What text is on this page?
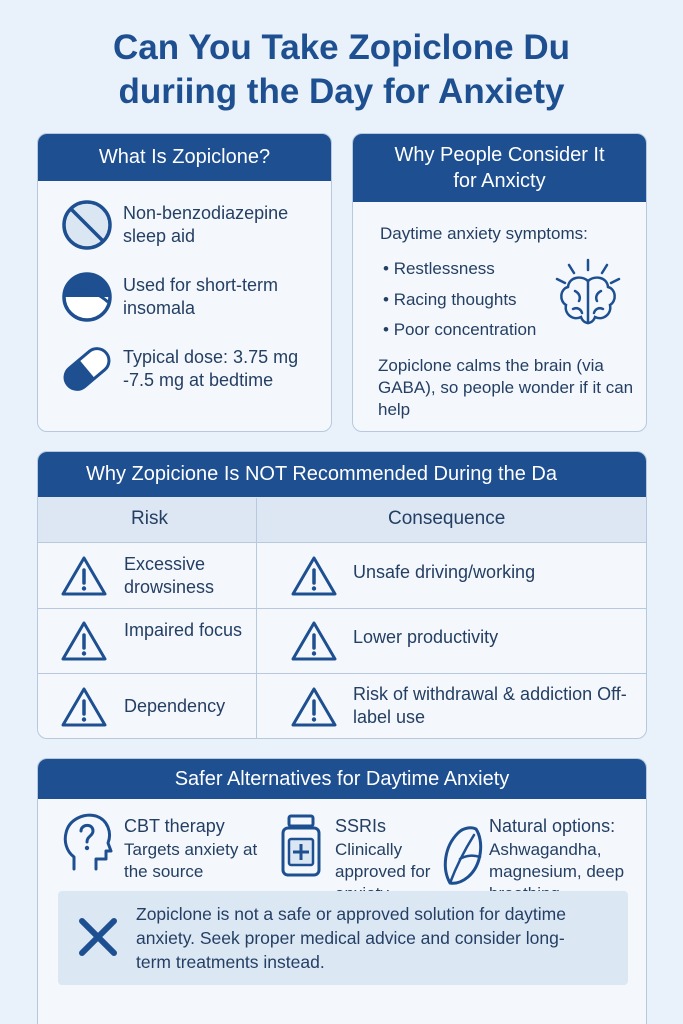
Can You Take Zopiclone Du
duriing the Day for Anxiety
What Is Zopiclone?
Non-benzodiazepine sleep aid
Used for short-term insomala
Typical dose: 3.75 mg -7.5 mg at bedtime
Why People Consider It for Anxicty
Daytime anxiety symptoms:
• Restlessness
• Racing thoughts
• Poor concentration
Zopiclone calms the brain (via GABA), so people wonder if it can help
Why Zopicione Is NOT Recommended During the Da
Risk	Consequence
Excessive drowsiness
Unsafe driving/working
Impaired focus	Lower productivity
Dependency
Risk of withdrawal & addiction Off-label use
Safer Alternatives for Daytime Anxiety
CBT therapy
Targets anxiety at the source
SSRIs
Clinically approved for
Natural options:
Ashwagandha, magnesium, deep
Zopiclone is not a safe or approved solution for daytime anxiety. Seek proper medical advice and consider long-term treatments instead.
